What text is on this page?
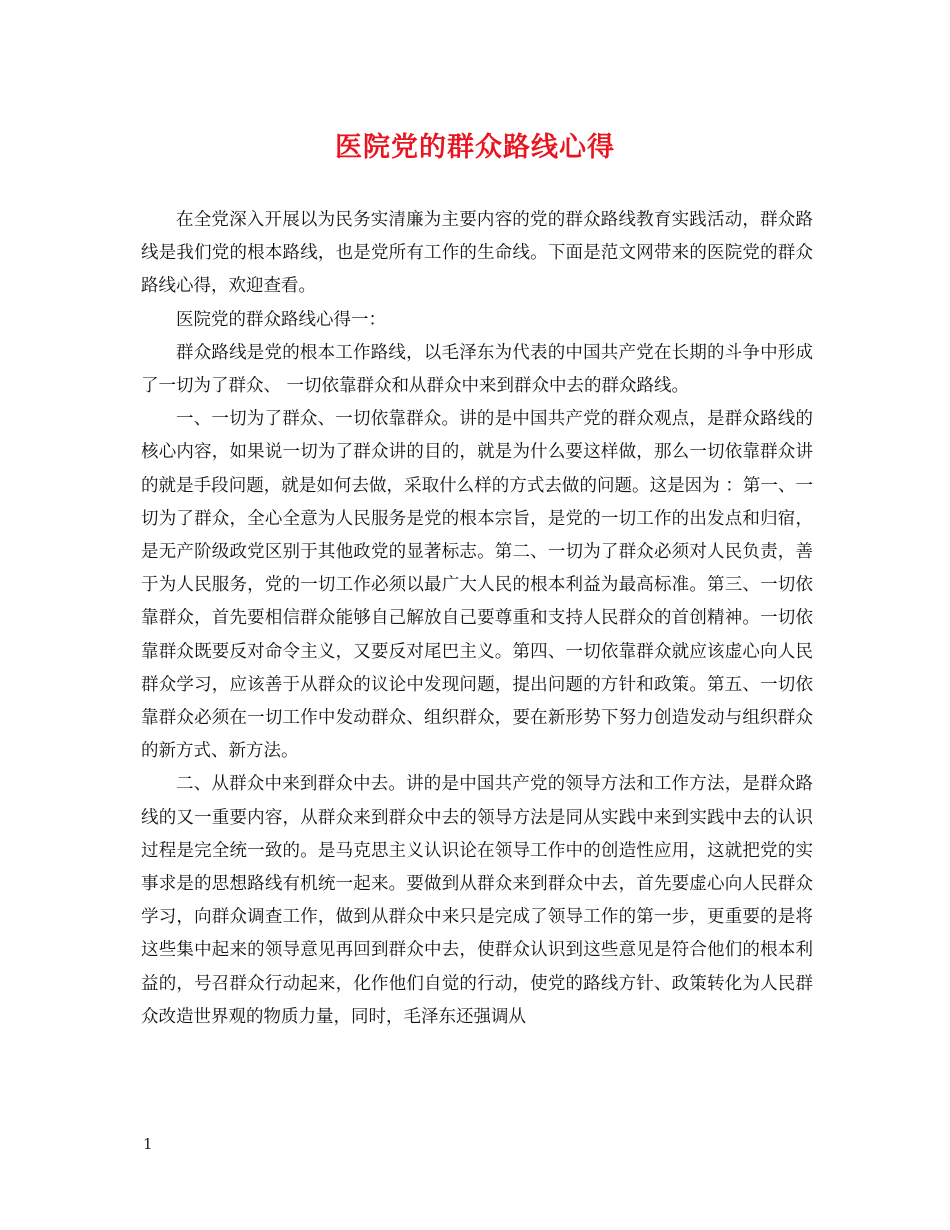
医院党的群众路线心得

在全党深入开展以为民务实清廉为主要内容的党的群众路线教育实践活动，群众路线是我们党的根本路线，也是党所有工作的生命线。下面是范文网带来的医院党的群众路线心得，欢迎查看。

医院党的群众路线心得一：

群众路线是党的根本工作路线，以毛泽东为代表的中国共产党在长期的斗争中形成了一切为了群众、 一切依靠群众和从群众中来到群众中去的群众路线。

一、一切为了群众、一切依靠群众。讲的是中国共产党的群众观点，是群众路线的核心内容，如果说一切为了群众讲的目的，就是为什么要这样做，那么一切依靠群众讲的就是手段问题，就是如何去做，采取什么样的方式去做的问题。这是因为 ：第一、一切为了群众，全心全意为人民服务是党的根本宗旨，是党的一切工作的出发点和归宿，是无产阶级政党区别于其他政党的显著标志。第二、一切为了群众必须对人民负责，善于为人民服务，党的一切工作必须以最广大人民的根本利益为最高标准。第三、一切依靠群众，首先要相信群众能够自己解放自己要尊重和支持人民群众的首创精神。一切依靠群众既要反对命令主义，又要反对尾巴主义。第四、一切依靠群众就应该虚心向人民群众学习，应该善于从群众的议论中发现问题，提出问题的方针和政策。第五、一切依靠群众必须在一切工作中发动群众、组织群众，要在新形势下努力创造发动与组织群众的新方式、新方法。

二、从群众中来到群众中去。讲的是中国共产党的领导方法和工作方法，是群众路线的又一重要内容，从群众来到群众中去的领导方法是同从实践中来到实践中去的认识过程是完全统一致的。是马克思主义认识论在领导工作中的创造性应用，这就把党的实事求是的思想路线有机统一起来。要做到从群众来到群众中去，首先要虚心向人民群众学习，向群众调查工作，做到从群众中来只是完成了领导工作的第一步，更重要的是将这些集中起来的领导意见再回到群众中去，使群众认识到这些意见是符合他们的根本利益的，号召群众行动起来，化作他们自觉的行动，使党的路线方针、政策转化为人民群众改造世界观的物质力量，同时，毛泽东还强调从

1
